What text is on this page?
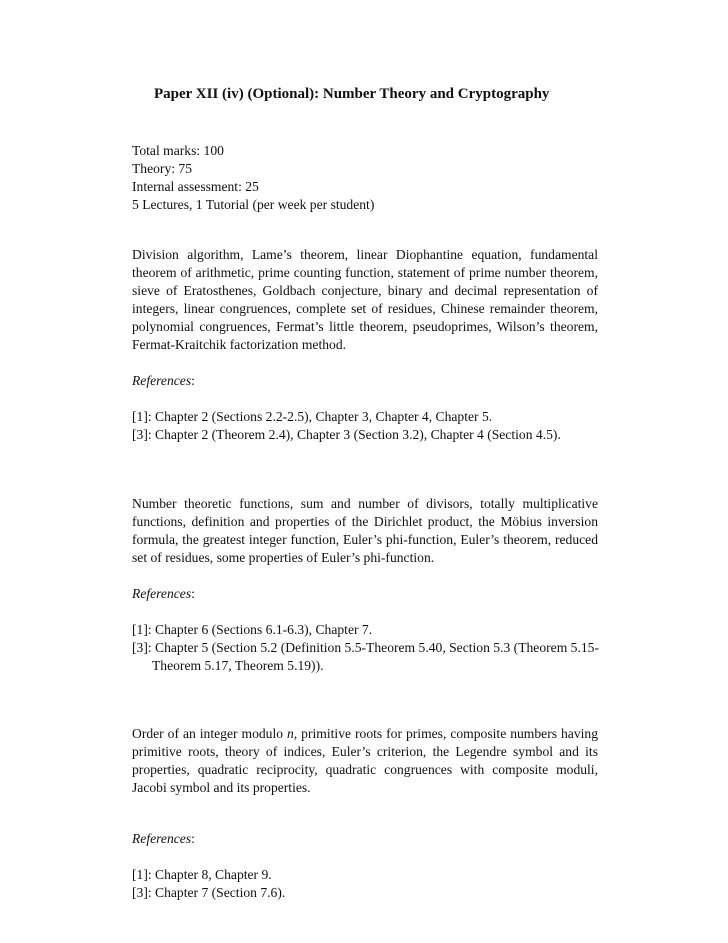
Paper XII (iv) (Optional): Number Theory and Cryptography
Total marks: 100
Theory: 75
Internal assessment: 25
5 Lectures, 1 Tutorial (per week per student)

Division algorithm, Lame’s theorem, linear Diophantine equation, fundamental theorem of arithmetic, prime counting function, statement of prime number theorem, sieve of Eratosthenes, Goldbach conjecture, binary and decimal representation of integers, linear congruences, complete set of residues, Chinese remainder theorem, polynomial congruences, Fermat’s little theorem, pseudoprimes, Wilson’s theorem, Fermat-Kraitchik factorization method.

References:
[1]: Chapter 2 (Sections 2.2-2.5), Chapter 3, Chapter 4, Chapter 5.
[3]: Chapter 2 (Theorem 2.4), Chapter 3 (Section 3.2), Chapter 4 (Section 4.5).

Number theoretic functions, sum and number of divisors, totally multiplicative functions, definition and properties of the Dirichlet product, the Möbius inversion formula, the greatest integer function, Euler’s phi-function, Euler’s theorem, reduced set of residues, some properties of Euler’s phi-function.

References:
[1]: Chapter 6 (Sections 6.1-6.3), Chapter 7.
[3]: Chapter 5 (Section 5.2 (Definition 5.5-Theorem 5.40, Section 5.3 (Theorem 5.15-
Theorem 5.17, Theorem 5.19)).

Order of an integer modulo n, primitive roots for primes, composite numbers having primitive roots, theory of indices, Euler’s criterion, the Legendre symbol and its properties, quadratic reciprocity, quadratic congruences with composite moduli, Jacobi symbol and its properties.

References:
[1]: Chapter 8, Chapter 9.
[3]: Chapter 7 (Section 7.6).
